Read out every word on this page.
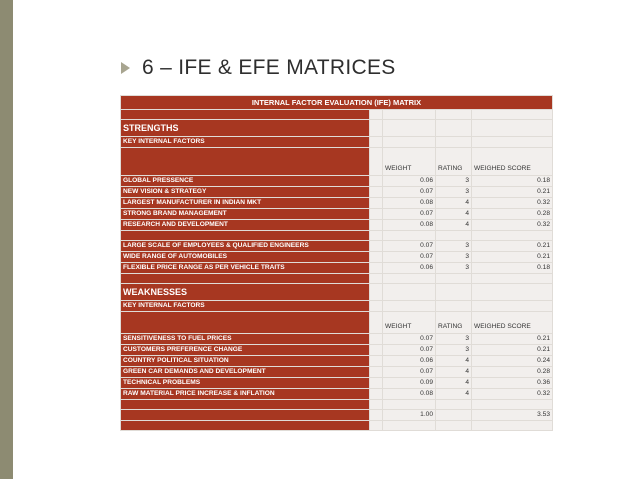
6 – IFE & EFE MATRICES
INTERNAL FACTOR EVALUATION (IFE) MATRIX				

STRENGTHS				
KEY INTERNAL FACTORS				
		WEIGHT	RATING	WEIGHED SCORE
GLOBAL PRESSENCE		0.06	3	0.18
NEW VISION & STRATEGY		0.07	3	0.21
LARGEST MANUFACTURER IN INDIAN MKT		0.08	4	0.32
STRONG BRAND MANAGEMENT		0.07	4	0.28
RESEARCH AND DEVELOPMENT		0.08	4	0.32

LARGE SCALE OF EMPLOYEES & QUALIFIED ENGINEERS		0.07	3	0.21
WIDE RANGE OF AUTOMOBILES		0.07	3	0.21
FLEXIBLE PRICE RANGE AS PER VEHICLE TRAITS		0.06	3	0.18

WEAKNESSES				
KEY INTERNAL FACTORS				
		WEIGHT	RATING	WEIGHED SCORE
SENSITIVENESS TO FUEL PRICES		0.07	3	0.21
CUSTOMERS PREFERENCE CHANGE		0.07	3	0.21
COUNTRY POLITICAL SITUATION		0.06	4	0.24
GREEN CAR DEMANDS AND DEVELOPMENT		0.07	4	0.28
TECHNICAL PROBLEMS		0.09	4	0.36
RAW MATERIAL PRICE INCREASE & INFLATION		0.08	4	0.32

		1.00		3.53
